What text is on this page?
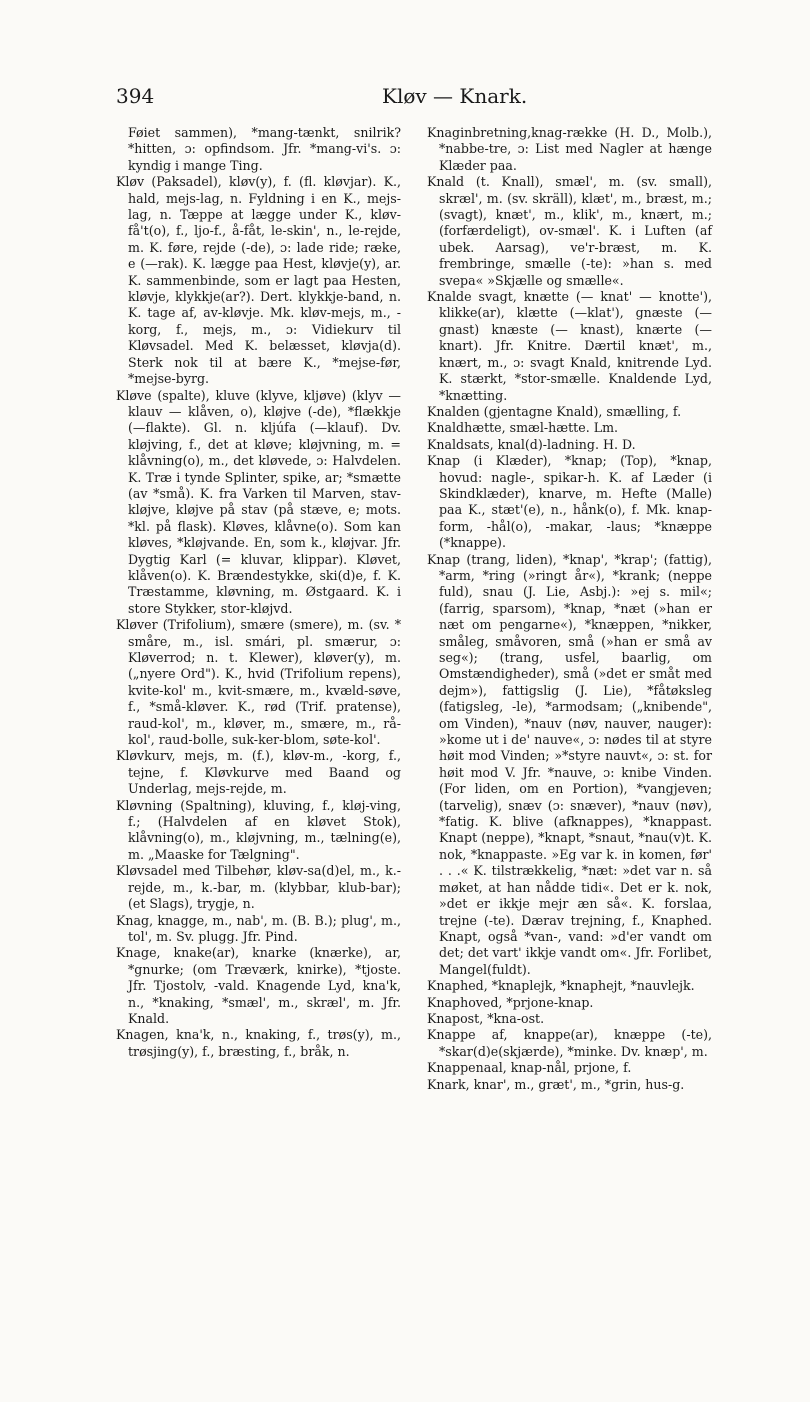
394	Kløv — Knark.

Føiet sammen), *mang-tænkt, snilrik? *hitten, ɔ: opfindsom. Jfr. *mang-vi's. ɔ: kyndig i mange Ting.

Kløv (Paksadel), kløv(y), f. (fl. kløvjar). K., hald, mejs-lag, n. Fyldning i en K., mejs-lag, n. Tæppe at lægge under K., kløv-få't(o), f., ljo-f., å-fåt, le-skin', n., le-rejde, m. K. føre, rejde (-de), ɔ: lade ride; ræke, e (—rak). K. lægge paa Hest, kløvje(y), ar. K. sammenbinde, som er lagt paa Hesten, kløvje, klykkje(ar?). Dert. klykkje-band, n. K. tage af, av-kløvje. Mk. kløv-mejs, m., -korg, f., mejs, m., ɔ: Vidiekurv til Kløvsadel. Med K. belæsset, kløvja(d). Sterk nok til at bære K., *mejse-før, *mejse-byrg.

Kløve (spalte), kluve (klyve, kljøve) (klyv — klauv — klåven, o), kløjve (-de), *flækkje (—flakte). Gl. n. kljúfa (—klauf). Dv. kløjving, f., det at kløve; kløjvning, m. = klåvning(o), m., det kløvede, ɔ: Halvdelen. K. Træ i tynde Splinter, spike, ar; *smætte (av *små). K. fra Varken til Marven, stav-kløjve, kløjve på stav (på stæve, e; mots. *kl. på flask). Kløves, klåvne(o). Som kan kløves, *kløjvande. En, som k., kløjvar. Jfr. Dygtig Karl (= kluvar, klippar). Kløvet, klåven(o). K. Brændestykke, ski(d)e, f. K. Træstamme, kløvning, m. Østgaard. K. i store Stykker, stor-kløjvd.

Kløver (Trifolium), smære (smere), m. (sv. * småre, m., isl. smári, pl. smærur, ɔ: Kløverrod; n. t. Klewer), kløver(y), m. („nyere Ord"). K., hvid (Trifolium repens), kvite-kol' m., kvit-smære, m., kvæld-søve, f., *små-kløver. K., rød (Trif. pratense), raud-kol', m., kløver, m., smære, m., rå-kol', raud-bolle, suk-ker-blom, søte-kol'.

Kløvkurv, mejs, m. (f.), kløv-m., -korg, f., tejne, f. Kløvkurve med Baand og Underlag, mejs-rejde, m.

Kløvning (Spaltning), kluving, f., kløj-ving, f.; (Halvdelen af en kløvet Stok), klåvning(o), m., kløjvning, m., tælning(e), m. „Maaske for Tælgning".

Kløvsadel med Tilbehør, kløv-sa(d)el, m., k.-rejde, m., k.-bar, m. (klybbar, klub-bar); (et Slags), trygje, n.

Knag, knagge, m., nab', m. (B. B.); plug', m., tol', m. Sv. plugg. Jfr. Pind.

Knage, knake(ar), knarke (knærke), ar, *gnurke; (om Træværk, knirke), *tjoste. Jfr. Tjostolv, -vald. Knagende Lyd, kna'k, n., *knaking, *smæl', m., skræl', m. Jfr. Knald.

Knagen, kna'k, n., knaking, f., trøs(y), m., trøsjing(y), f., bræsting, f., bråk, n.

Knaginbretning,knag-række (H. D., Molb.), *nabbe-tre, ɔ: List med Nagler at hænge Klæder paa.

Knald (t. Knall), smæl', m. (sv. small), skræl', m. (sv. skräll), klæt', m., bræst, m.; (svagt), knæt', m., klik', m., knært, m.; (forfærdeligt), ov-smæl'. K. i Luften (af ubek. Aarsag), ve'r-bræst, m. K. frembringe, smælle (-te): »han s. med svepa« »Skjælle og smælle«.

Knalde svagt, knætte (— knat' — knotte'), klikke(ar), klætte (—klat'), gnæste (—gnast) knæste (— knast), knærte (— knart). Jfr. Knitre. Dærtil knæt', m., knært, m., ɔ: svagt Knald, knitrende Lyd. K. stærkt, *stor-smælle. Knaldende Lyd, *knætting.

Knalden (gjentagne Knald), smælling, f.

Knaldhætte, smæl-hætte. Lm.

Knaldsats, knal(d)-ladning. H. D.

Knap (i Klæder), *knap; (Top), *knap, hovud: nagle-, spikar-h. K. af Læder (i Skindklæder), knarve, m. Hefte (Malle) paa K., stæt'(e), n., hånk(o), f. Mk. knap-form, -hål(o), -makar, -laus; *knæppe (*knappe).

Knap (trang, liden), *knap', *krap'; (fattig), *arm, *ring (»ringt år«), *krank; (neppe fuld), snau (J. Lie, Asbj.): »ej s. mil«; (farrig, sparsom), *knap, *næt (»han er næt om pengarne«), *knæppen, *nikker, småleg, småvoren, små (»han er små av seg«); (trang, usfel, baarlig, om Omstændigheder), små (»det er småt med dejm»), fattigslig (J. Lie), *fåtøksleg (fatigsleg, -le), *armodsam; („knibende", om Vinden), *nauv (nøv, nauver, nauger): »kome ut i de' nauve«, ɔ: nødes til at styre høit mod Vinden; »*styre nauvt«, ɔ: st. for høit mod V. Jfr. *nauve, ɔ: knibe Vinden. (For liden, om en Portion), *vangjeven; (tarvelig), snæv (ɔ: snæver), *nauv (nøv), *fatig. K. blive (afknappes), *knappast. Knapt (neppe), *knapt, *snaut, *nau(v)t. K. nok, *knappaste. »Eg var k. in komen, før' . . .« K. tilstrækkelig, *næt: »det var n. så møket, at han nådde tidi«. Det er k. nok, »det er ikkje mejr æn så«. K. forslaa, trejne (-te). Dærav trejning, f., Knaphed. Knapt, også *van-, vand: »d'er vandt om det; det vart' ikkje vandt om«. Jfr. Forlibet, Mangel(fuldt).

Knaphed, *knaplejk, *knaphejt, *nauvlejk.

Knaphoved, *prjone-knap.

Knapost, *kna-ost.

Knappe af, knappe(ar), knæppe (-te), *skar(d)e(skjærde), *minke. Dv. knæp', m.

Knappenaal, knap-nål, prjone, f.

Knark, knar', m., græt', m., *grin, hus-g.
